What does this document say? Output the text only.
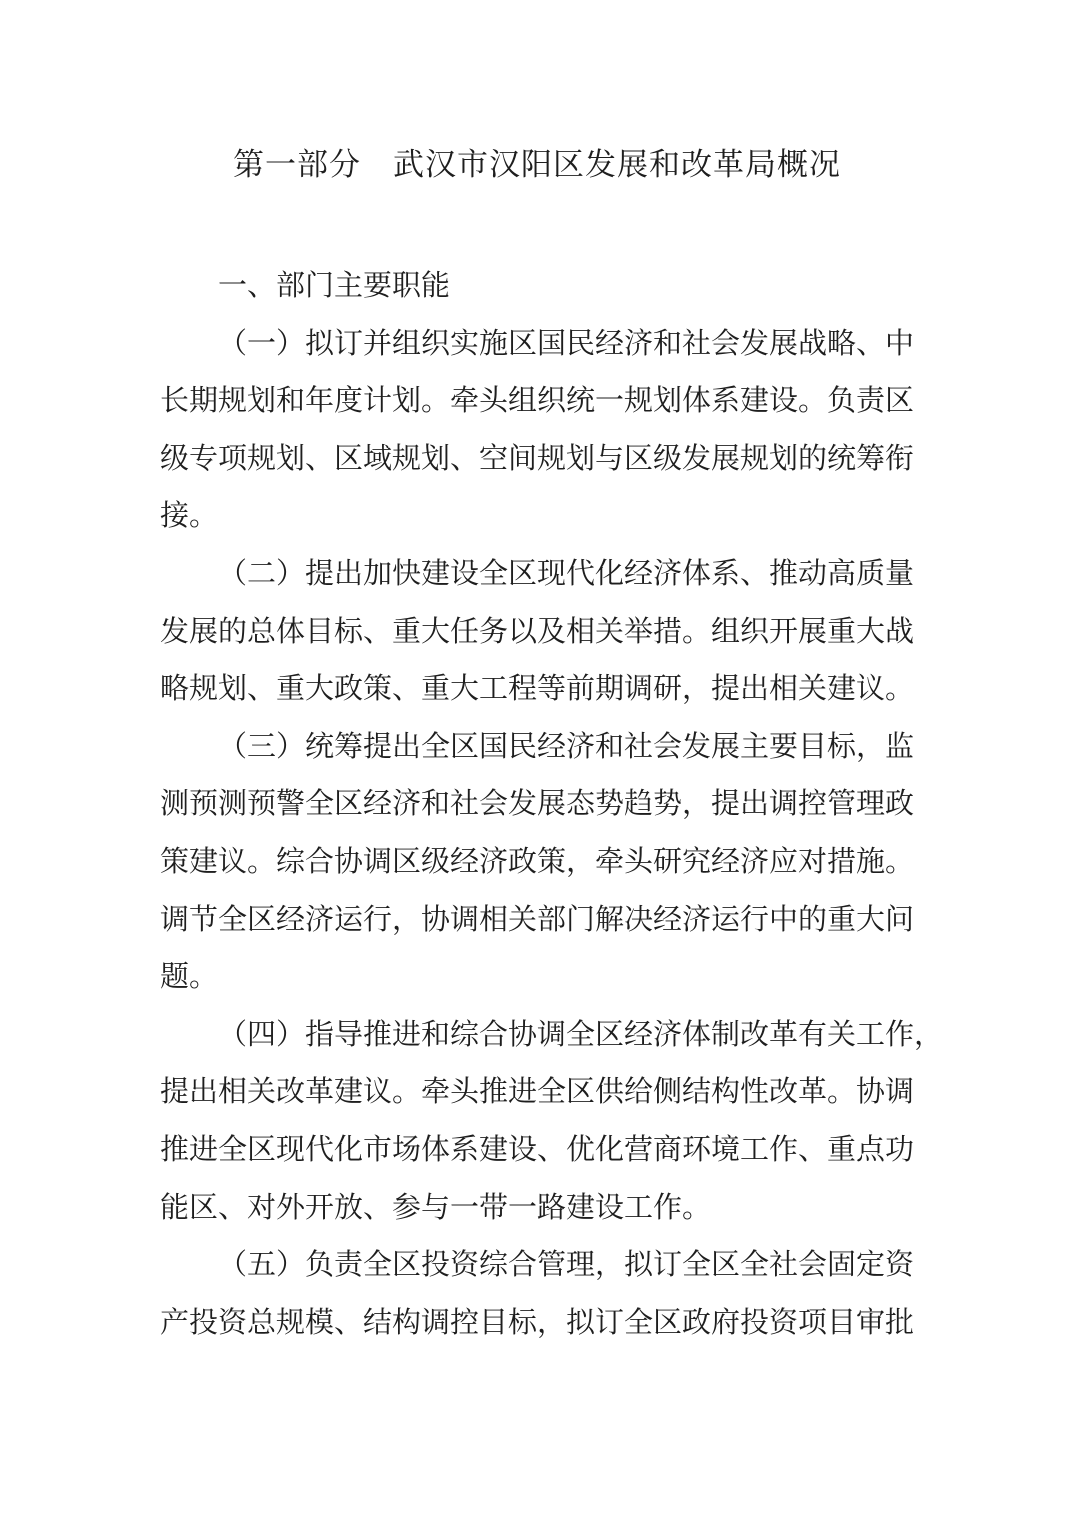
第一部分　武汉市汉阳区发展和改革局概况
一、部门主要职能
（一）拟订并组织实施区国民经济和社会发展战略、中
长期规划和年度计划。牵头组织统一规划体系建设。负责区
级专项规划、区域规划、空间规划与区级发展规划的统筹衔
接。
（二）提出加快建设全区现代化经济体系、推动高质量
发展的总体目标、重大任务以及相关举措。组织开展重大战
略规划、重大政策、重大工程等前期调研，提出相关建议。
（三）统筹提出全区国民经济和社会发展主要目标，监
测预测预警全区经济和社会发展态势趋势，提出调控管理政
策建议。综合协调区级经济政策，牵头研究经济应对措施。
调节全区经济运行，协调相关部门解决经济运行中的重大问
题。
（四）指导推进和综合协调全区经济体制改革有关工作，
提出相关改革建议。牵头推进全区供给侧结构性改革。协调
推进全区现代化市场体系建设、优化营商环境工作、重点功
能区、对外开放、参与一带一路建设工作。
（五）负责全区投资综合管理，拟订全区全社会固定资
产投资总规模、结构调控目标，拟订全区政府投资项目审批
